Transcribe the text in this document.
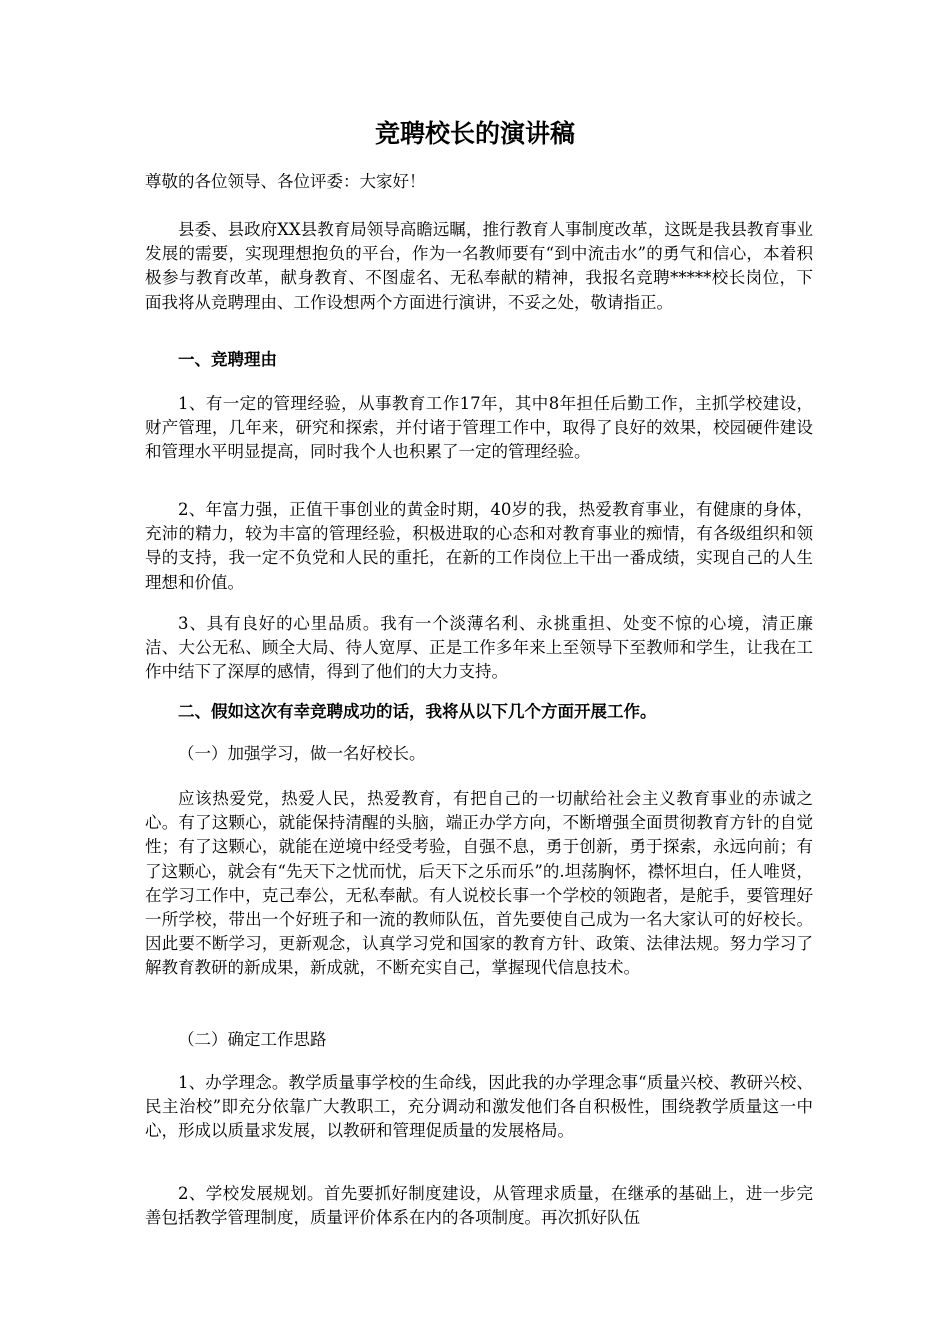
竞聘校长的演讲稿
尊敬的各位领导、各位评委：大家好！
县委、县政府XX县教育局领导高瞻远瞩，推行教育人事制度改革，这既是我县教育事业发展的需要，实现理想抱负的平台，作为一名教师要有“到中流击水”的勇气和信心，本着积极参与教育改革，献身教育、不图虚名、无私奉献的精神，我报名竞聘*****校长岗位，下面我将从竞聘理由、工作设想两个方面进行演讲，不妥之处，敬请指正。
一、竞聘理由
1、有一定的管理经验，从事教育工作17年，其中8年担任后勤工作，主抓学校建设，财产管理，几年来，研究和探索，并付诸于管理工作中，取得了良好的效果，校园硬件建设和管理水平明显提高，同时我个人也积累了一定的管理经验。
2、年富力强，正值干事创业的黄金时期，40岁的我，热爱教育事业，有健康的身体，充沛的精力，较为丰富的管理经验，积极进取的心态和对教育事业的痴情，有各级组织和领导的支持，我一定不负党和人民的重托，在新的工作岗位上干出一番成绩，实现自己的人生理想和价值。
3、具有良好的心里品质。我有一个淡薄名利、永挑重担、处变不惊的心境，清正廉洁、大公无私、顾全大局、待人宽厚、正是工作多年来上至领导下至教师和学生，让我在工作中结下了深厚的感情，得到了他们的大力支持。
二、假如这次有幸竞聘成功的话，我将从以下几个方面开展工作。
（一）加强学习，做一名好校长。
应该热爱党，热爱人民，热爱教育，有把自己的一切献给社会主义教育事业的赤诚之心。有了这颗心，就能保持清醒的头脑，端正办学方向，不断增强全面贯彻教育方针的自觉性；有了这颗心，就能在逆境中经受考验，自强不息，勇于创新，勇于探索，永远向前；有了这颗心，就会有“先天下之忧而忧，后天下之乐而乐”的.坦荡胸怀，襟怀坦白，任人唯贤，在学习工作中，克己奉公，无私奉献。有人说校长事一个学校的领跑者，是舵手，要管理好一所学校，带出一个好班子和一流的教师队伍，首先要使自己成为一名大家认可的好校长。因此要不断学习，更新观念，认真学习党和国家的教育方针、政策、法律法规。努力学习了解教育教研的新成果，新成就，不断充实自己，掌握现代信息技术。
（二）确定工作思路
1、办学理念。教学质量事学校的生命线，因此我的办学理念事“质量兴校、教研兴校、民主治校”即充分依靠广大教职工，充分调动和激发他们各自积极性，围绕教学质量这一中心，形成以质量求发展，以教研和管理促质量的发展格局。
2、学校发展规划。首先要抓好制度建设，从管理求质量，在继承的基础上，进一步完善包括教学管理制度，质量评价体系在内的各项制度。再次抓好队伍
